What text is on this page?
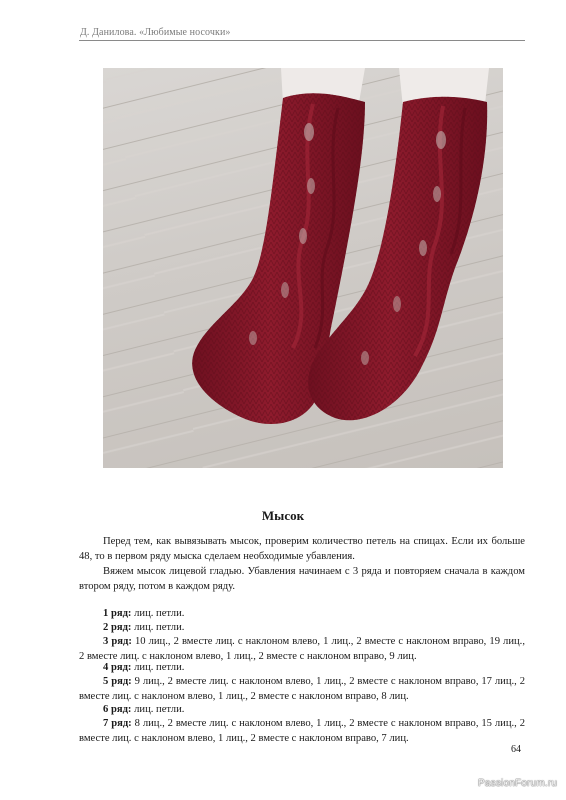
Д. Данилова. «Любимые носочки»
Мысок

Перед тем, как вывязывать мысок, проверим количество петель на спицах. Если их больше 48, то в первом ряду мыска сделаем необходимые убавления.

Вяжем мысок лицевой гладью. Убавления начинаем с 3 ряда и повторяем сначала в каждом втором ряду, потом в каждом ряду.

1 ряд: лиц. петли.

2 ряд: лиц. петли.

3 ряд: 10 лиц., 2 вместе лиц. с наклоном влево, 1 лиц., 2 вместе с наклоном вправо, 19 лиц., 2 вместе лиц. с наклоном влево, 1 лиц., 2 вместе с наклоном вправо, 9 лиц.

4 ряд: лиц. петли.

5 ряд: 9 лиц., 2 вместе лиц. с наклоном влево, 1 лиц., 2 вместе с наклоном вправо, 17 лиц., 2 вместе лиц. с наклоном влево, 1 лиц., 2 вместе с наклоном вправо, 8 лиц.

6 ряд: лиц. петли.

7 ряд: 8 лиц., 2 вместе лиц. с наклоном влево, 1 лиц., 2 вместе с наклоном вправо, 15 лиц., 2 вместе лиц. с наклоном влево, 1 лиц., 2 вместе с наклоном вправо, 7 лиц.

64
PassionForum.ru
